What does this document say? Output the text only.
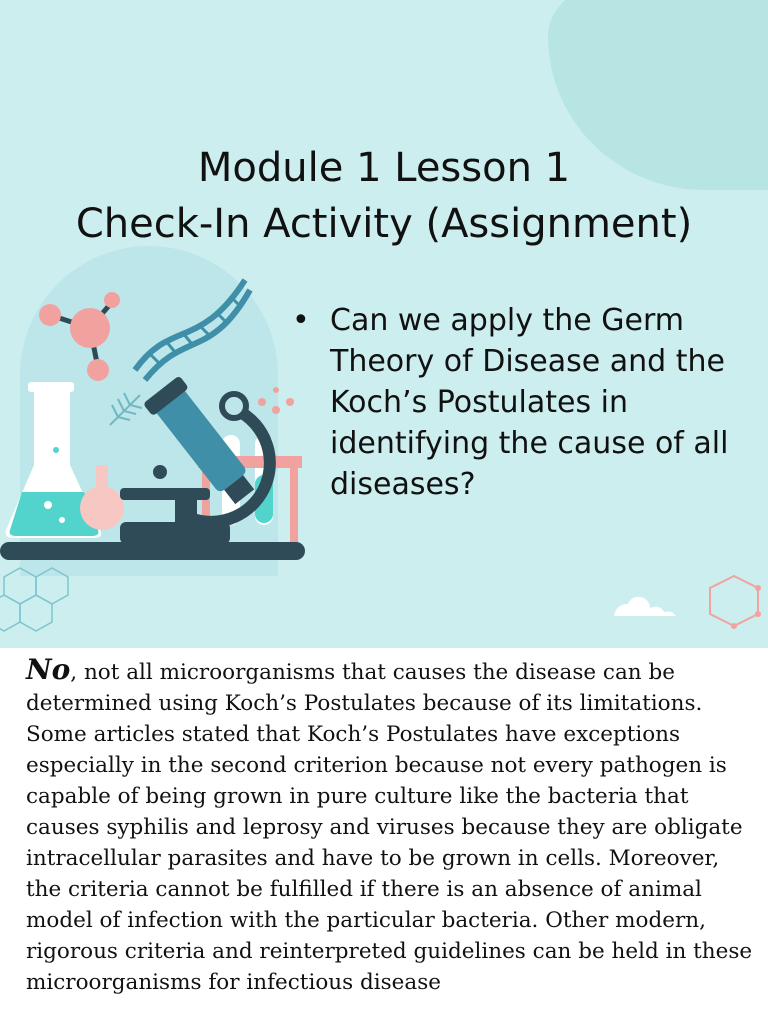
Module 1 Lesson 1
Check-In Activity (Assignment)
• Can we apply the Germ Theory of Disease and the Koch’s Postulates in identifying the cause of all diseases?
No, not all microorganisms that causes the disease can be determined using Koch’s Postulates because of its limitations. Some articles stated that Koch’s Postulates have exceptions especially in the second criterion because not every pathogen is capable of being grown in pure culture like the bacteria that causes syphilis and leprosy and viruses because they are obligate intracellular parasites and have to be grown in cells. Moreover, the criteria cannot be fulfilled if there is an absence of animal model of infection with the particular bacteria. Other modern, rigorous criteria and reinterpreted guidelines can be held in these microorganisms for infectious disease
